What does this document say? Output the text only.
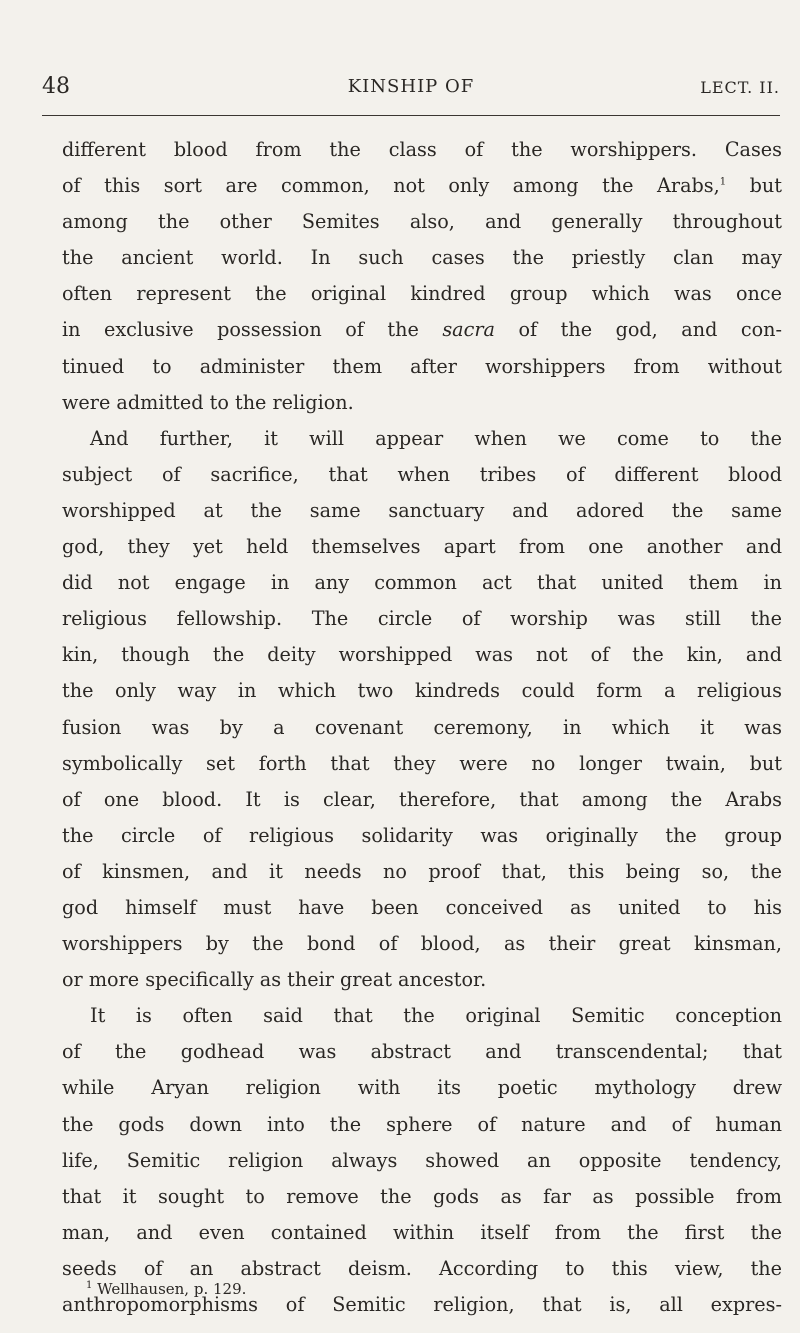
48	KINSHIP OF	LECT. II.
different blood from the class of the worshippers. Cases
of this sort are common, not only among the Arabs,$^1$ but
among the other Semites also, and generally throughout
the ancient world. In such cases the priestly clan may
often represent the original kindred group which was once
in exclusive possession of the sacra of the god, and con-
tinued to administer them after worshippers from without
were admitted to the religion.
And further, it will appear when we come to the
subject of sacrifice, that when tribes of different blood
worshipped at the same sanctuary and adored the same
god, they yet held themselves apart from one another and
did not engage in any common act that united them in
religious fellowship. The circle of worship was still the
kin, though the deity worshipped was not of the kin, and
the only way in which two kindreds could form a religious
fusion was by a covenant ceremony, in which it was
symbolically set forth that they were no longer twain, but
of one blood. It is clear, therefore, that among the Arabs
the circle of religious solidarity was originally the group
of kinsmen, and it needs no proof that, this being so, the
god himself must have been conceived as united to his
worshippers by the bond of blood, as their great kinsman,
or more specifically as their great ancestor.
It is often said that the original Semitic conception
of the godhead was abstract and transcendental; that
while Aryan religion with its poetic mythology drew
the gods down into the sphere of nature and of human
life, Semitic religion always showed an opposite tendency,
that it sought to remove the gods as far as possible from
man, and even contained within itself from the first the
seeds of an abstract deism. According to this view, the
anthropomorphisms of Semitic religion, that is, all expres-
$^1$ Wellhausen, p. 129.
